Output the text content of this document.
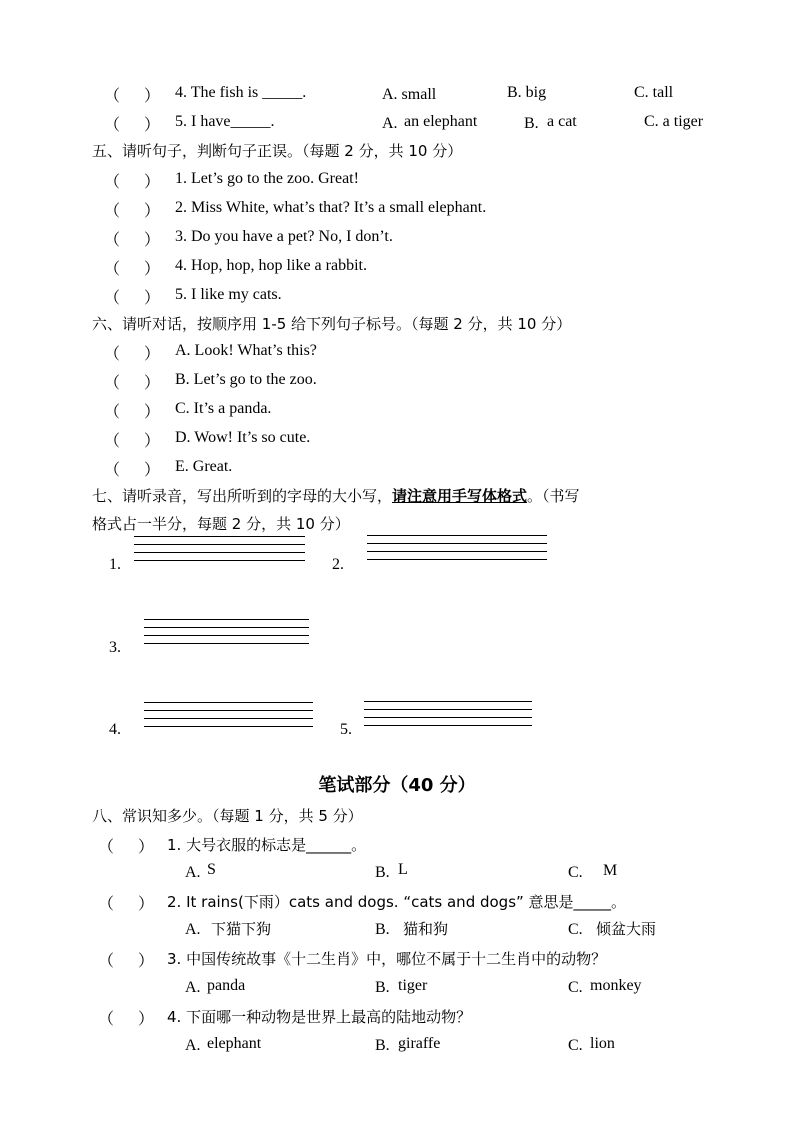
（      ） 4. The fish is _____.	A. small	B. big	C. tall
（      ） 5. I have_____.	A. an elephant	B. a cat	C. a tiger
五、请听句子，判断句子正误。（每题 2 分，共 10 分）
（      ） 1. Let’s go to the zoo. Great!
（      ） 2. Miss White, what’s that? It’s a small elephant.
（      ） 3. Do you have a pet? No, I don’t.
（      ） 4. Hop, hop, hop like a rabbit.
（      ） 5. I like my cats.
六、请听对话，按顺序用 1-5 给下列句子标号。（每题 2 分，共 10 分）
（      ） A. Look! What’s this?
（      ） B. Let’s go to the zoo.
（      ） C. It’s a panda.
（      ） D. Wow! It’s so cute.
（      ） E. Great.
七、请听录音，写出所听到的字母的大小写，请注意用手写体格式。（书写
格式占一半分，每题 2 分，共 10 分）
1.	2.
3.
4.	5.
笔试部分（40 分）
八、常识知多少。（每题 1 分，共 5 分）
（      ） 1. 大号衣服的标志是______。
A. S	B. L	C. M
（      ） 2. It rains(下雨）cats and dogs. “cats and dogs” 意思是_____。
A. 下猫下狗	B. 猫和狗	C. 倾盆大雨
（      ） 3. 中国传统故事《十二生肖》中，哪位不属于十二生肖中的动物？
A. panda	B. tiger	C. monkey
（      ） 4. 下面哪一种动物是世界上最高的陆地动物？
A. elephant	B. giraffe	C. lion
